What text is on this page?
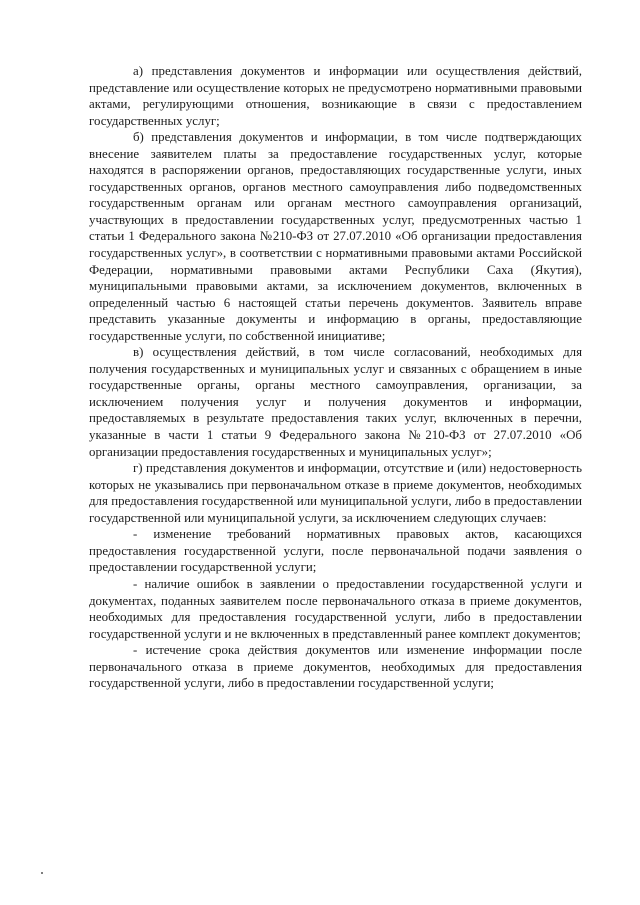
а) представления документов и информации или осуществления действий, представление или осуществление которых не предусмотрено нормативными правовыми актами, регулирующими отношения, возникающие в связи с предоставлением государственных услуг;

б) представления документов и информации, в том числе подтверждающих внесение заявителем платы за предоставление государственных услуг, которые находятся в распоряжении органов, предоставляющих государственные услуги, иных государственных органов, органов местного самоуправления либо подведомственных государственным органам или органам местного самоуправления организаций, участвующих в предоставлении государственных услуг, предусмотренных частью 1 статьи 1 Федерального закона №210-ФЗ от 27.07.2010 «Об организации предоставления государственных услуг», в соответствии с нормативными правовыми актами Российской Федерации, нормативными правовыми актами Республики Саха (Якутия), муниципальными правовыми актами, за исключением документов, включенных в определенный частью 6 настоящей статьи перечень документов. Заявитель вправе представить указанные документы и информацию в органы, предоставляющие государственные услуги, по собственной инициативе;

в) осуществления действий, в том числе согласований, необходимых для получения государственных и муниципальных услуг и связанных с обращением в иные государственные органы, органы местного самоуправления, организации, за исключением получения услуг и получения документов и информации, предоставляемых в результате предоставления таких услуг, включенных в перечни, указанные в части 1 статьи 9 Федерального закона №210-ФЗ от 27.07.2010 «Об организации предоставления государственных и муниципальных услуг»;

г) представления документов и информации, отсутствие и (или) недостоверность которых не указывались при первоначальном отказе в приеме документов, необходимых для предоставления государственной или муниципальной услуги, либо в предоставлении государственной или муниципальной услуги, за исключением следующих случаев:

- изменение требований нормативных правовых актов, касающихся предоставления государственной услуги, после первоначальной подачи заявления о предоставлении государственной услуги;

- наличие ошибок в заявлении о предоставлении государственной услуги и документах, поданных заявителем после первоначального отказа в приеме документов, необходимых для предоставления государственной услуги, либо в предоставлении государственной услуги и не включенных в представленный ранее комплект документов;

- истечение срока действия документов или изменение информации после первоначального отказа в приеме документов, необходимых для предоставления государственной услуги, либо в предоставлении государственной услуги;
